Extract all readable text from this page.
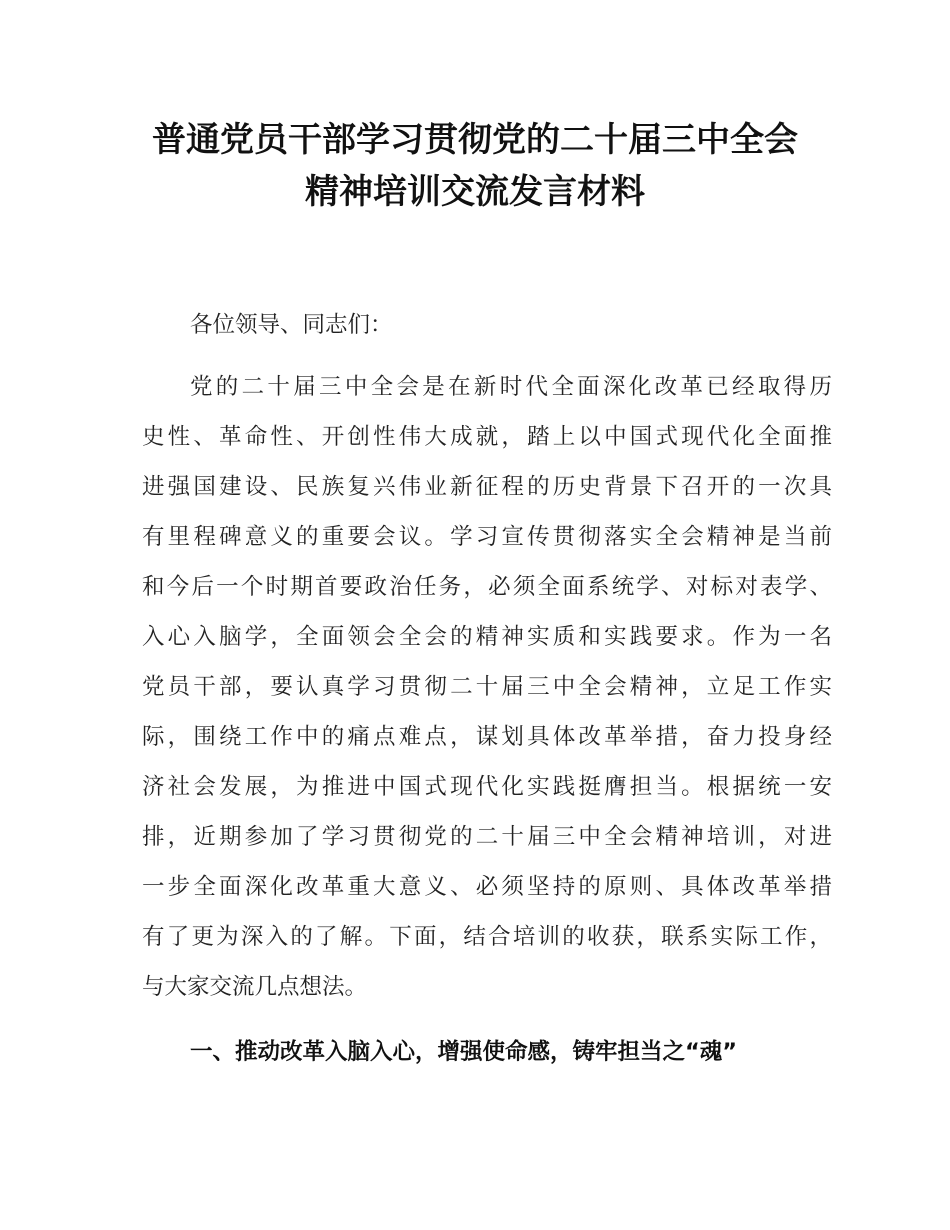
普通党员干部学习贯彻党的二十届三中全会
精神培训交流发言材料
各位领导、同志们：
党的二十届三中全会是在新时代全面深化改革已经取得历
史性、革命性、开创性伟大成就，踏上以中国式现代化全面推
进强国建设、民族复兴伟业新征程的历史背景下召开的一次具
有里程碑意义的重要会议。学习宣传贯彻落实全会精神是当前
和今后一个时期首要政治任务，必须全面系统学、对标对表学、
入心入脑学，全面领会全会的精神实质和实践要求。作为一名
党员干部，要认真学习贯彻二十届三中全会精神，立足工作实
际，围绕工作中的痛点难点，谋划具体改革举措，奋力投身经
济社会发展，为推进中国式现代化实践挺膺担当。根据统一安
排，近期参加了学习贯彻党的二十届三中全会精神培训，对进
一步全面深化改革重大意义、必须坚持的原则、具体改革举措
有了更为深入的了解。下面，结合培训的收获，联系实际工作，
与大家交流几点想法。
一、推动改革入脑入心，增强使命感，铸牢担当之“魂”
